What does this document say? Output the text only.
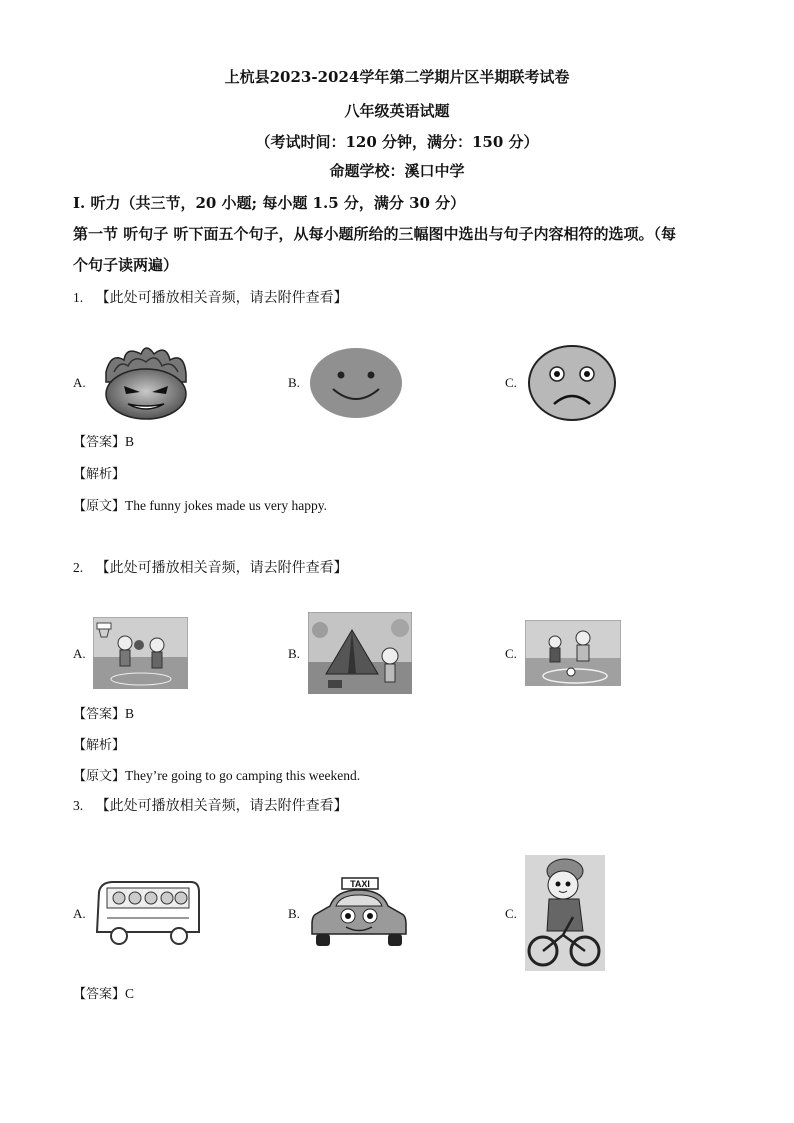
上杭县2023-2024学年第二学期片区半期联考试卷
八年级英语试题
（考试时间：120 分钟，满分：150 分）
命题学校：溪口中学
I. 听力（共三节，20 小题; 每小题 1.5 分，满分 30 分）
第一节 听句子 听下面五个句子，从每小题所给的三幅图中选出与句子内容相符的选项。（每
个句子读两遍）
1. 【此处可播放相关音频，请去附件查看】
A.	B.	C.
【答案】B
【解析】
【原文】The funny jokes made us very happy.
2. 【此处可播放相关音频，请去附件查看】
A.	B.	C.
【答案】B
【解析】
【原文】They’re going to go camping this weekend.
3. 【此处可播放相关音频，请去附件查看】
A.	B.
TAXI
C.
【答案】C
